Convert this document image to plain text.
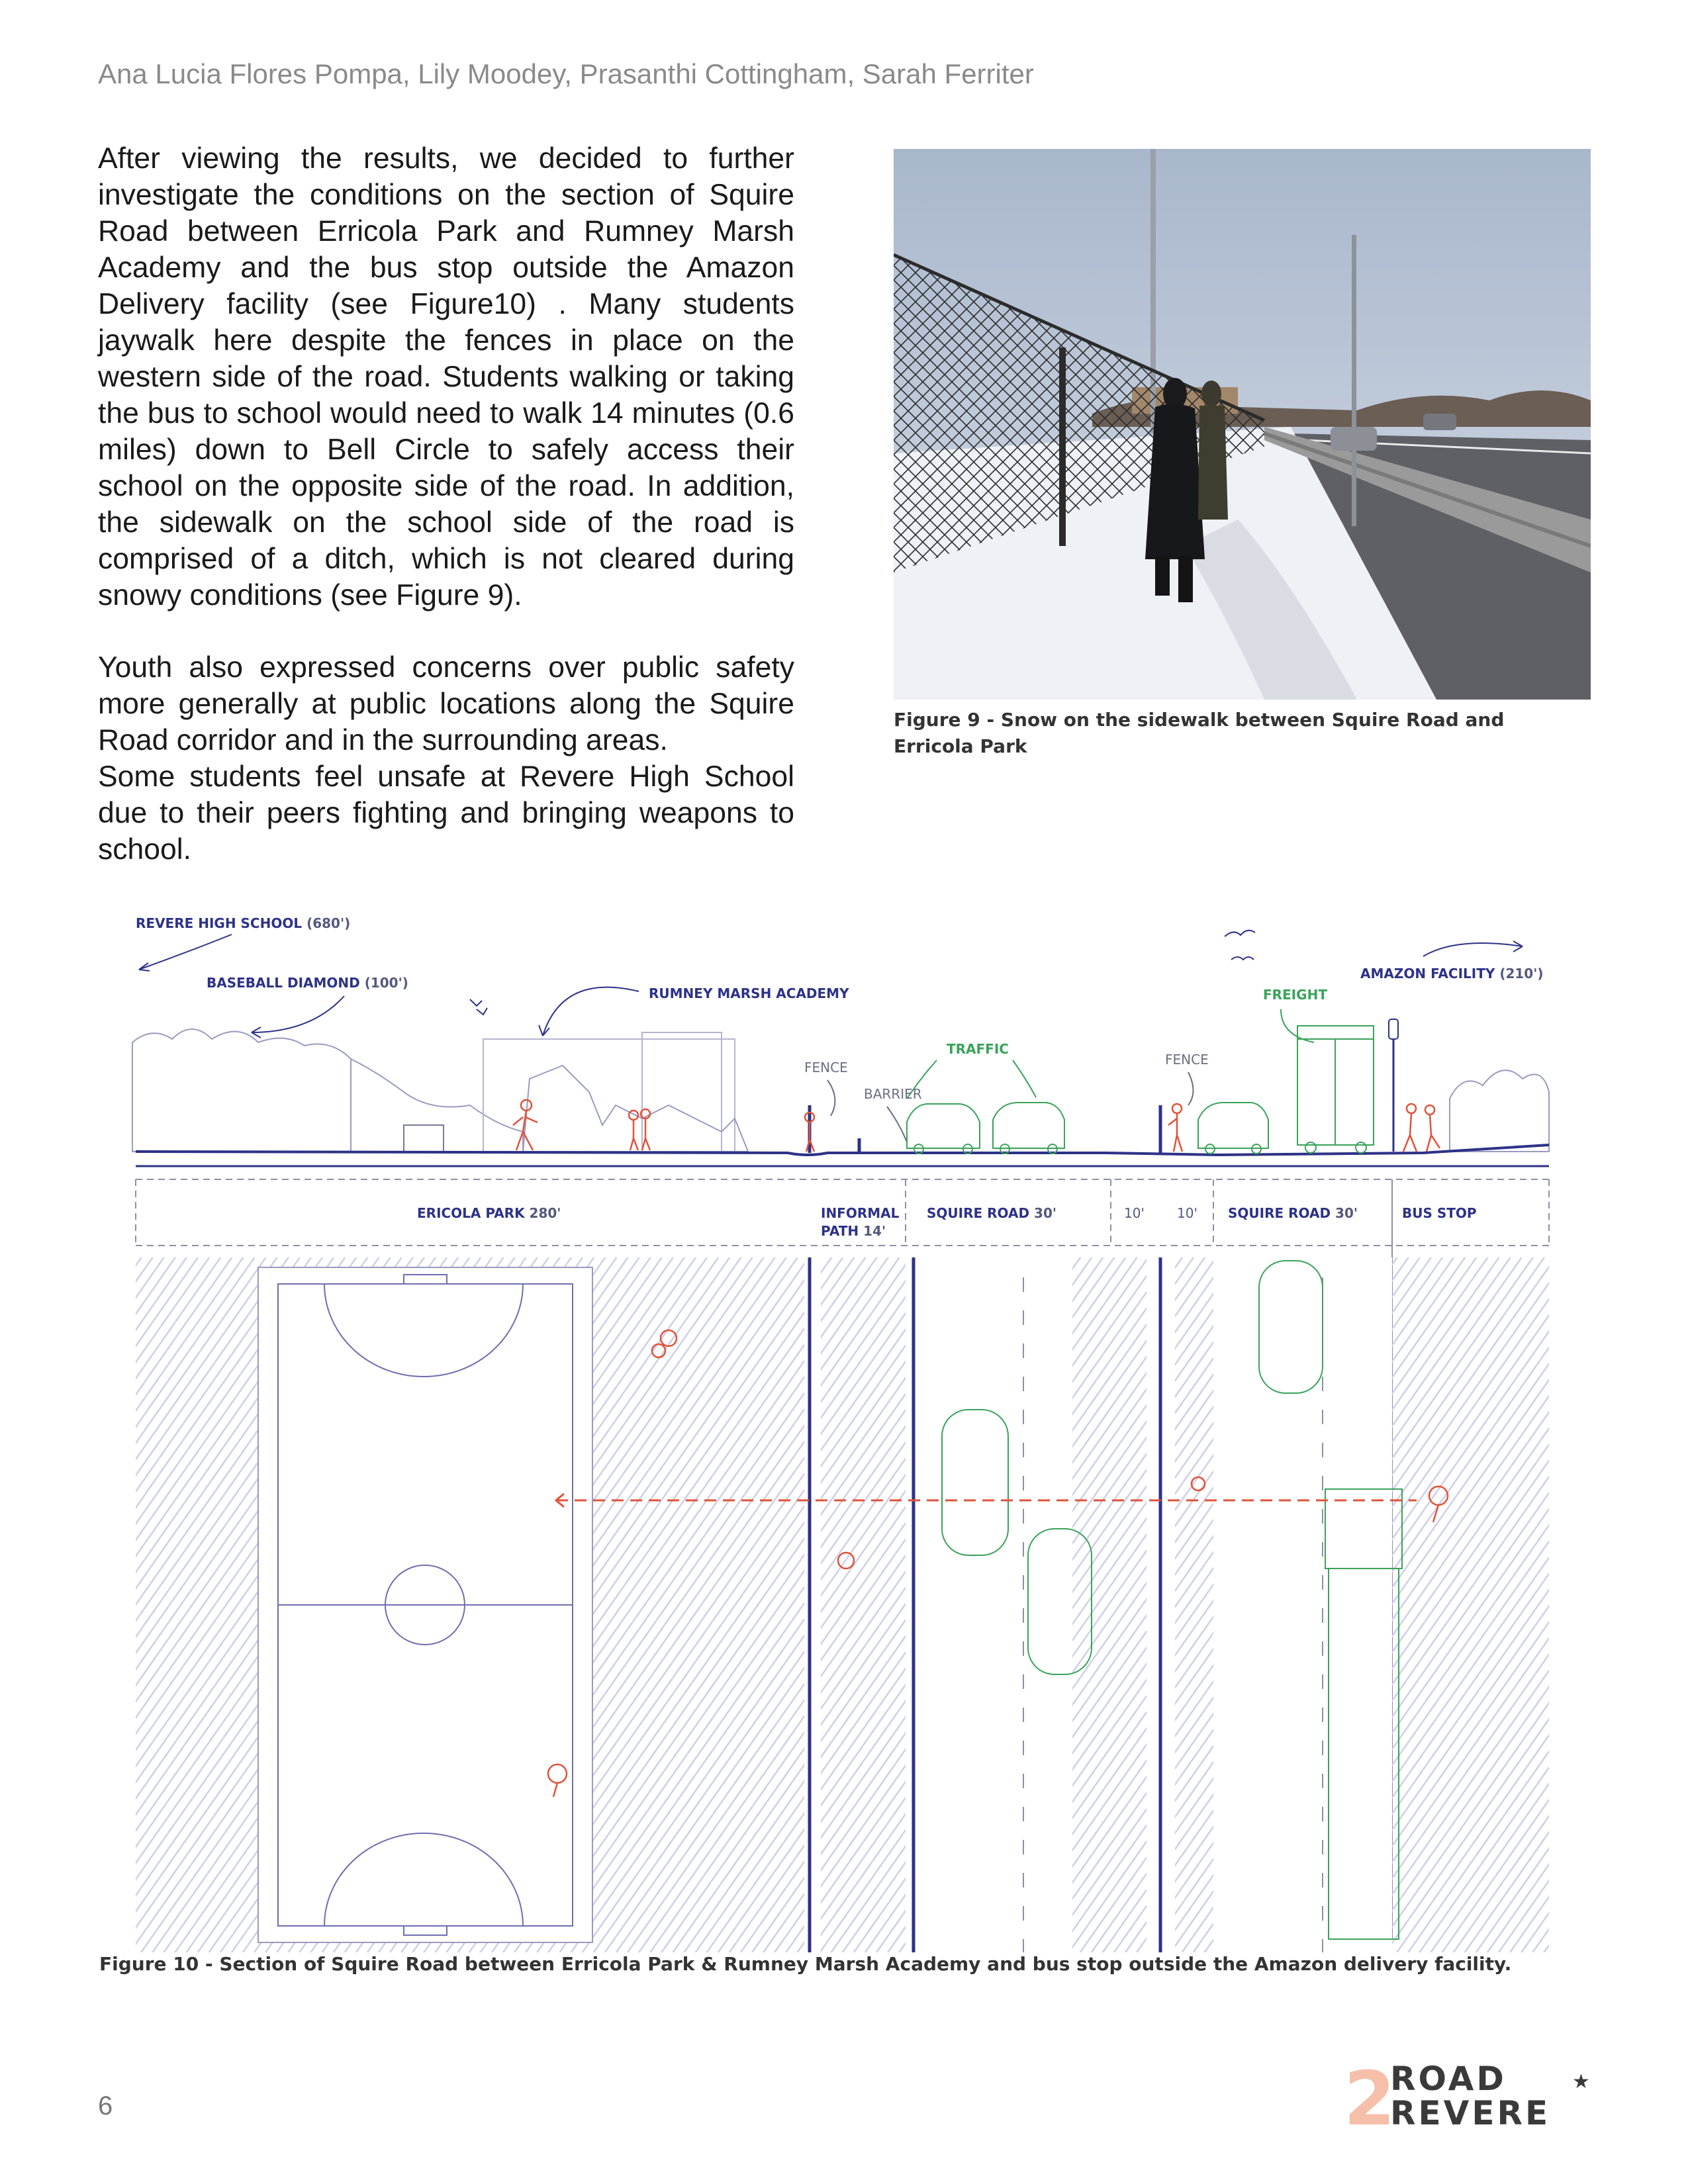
Ana Lucia Flores Pompa, Lily Moodey, Prasanthi Cottingham, Sarah Ferriter

After viewing the results, we decided to further investigate the conditions on the section of Squire Road between Erricola Park and Rumney Marsh Academy and the bus stop outside the Amazon Delivery facility (see Figure10) . Many students jaywalk here despite the fences in place on the western side of the road. Students walking or taking the bus to school would need to walk 14 minutes (0.6 miles) down to Bell Circle to safely access their school on the opposite side of the road. In addition, the sidewalk on the school side of the road is comprised of a ditch, which is not cleared during snowy conditions (see Figure 9).

Youth also expressed concerns over public safety more generally at public locations along the Squire Road corridor and in the surrounding areas.

Some students feel unsafe at Revere High School due to their peers fighting and bringing weapons to school.

Figure 9 - Snow on the sidewalk between Squire Road and Erricola Park
REVERE HIGH SCHOOL (680')
BASEBALL DIAMOND (100')
RUMNEY MARSH ACADEMY
AMAZON FACILITY (210')
FREIGHT
TRAFFIC
FENCE
BARRIER
FENCE
ERICOLA PARK 280'	INFORMAL
PATH 14'
SQUIRE ROAD 30'	10' 10' SQUIRE ROAD 30'	BUS STOP
Figure 10 - Section of Squire Road between Erricola Park & Rumney Marsh Academy and bus stop outside the Amazon delivery facility.
6	2
ROAD
REVERE
★
